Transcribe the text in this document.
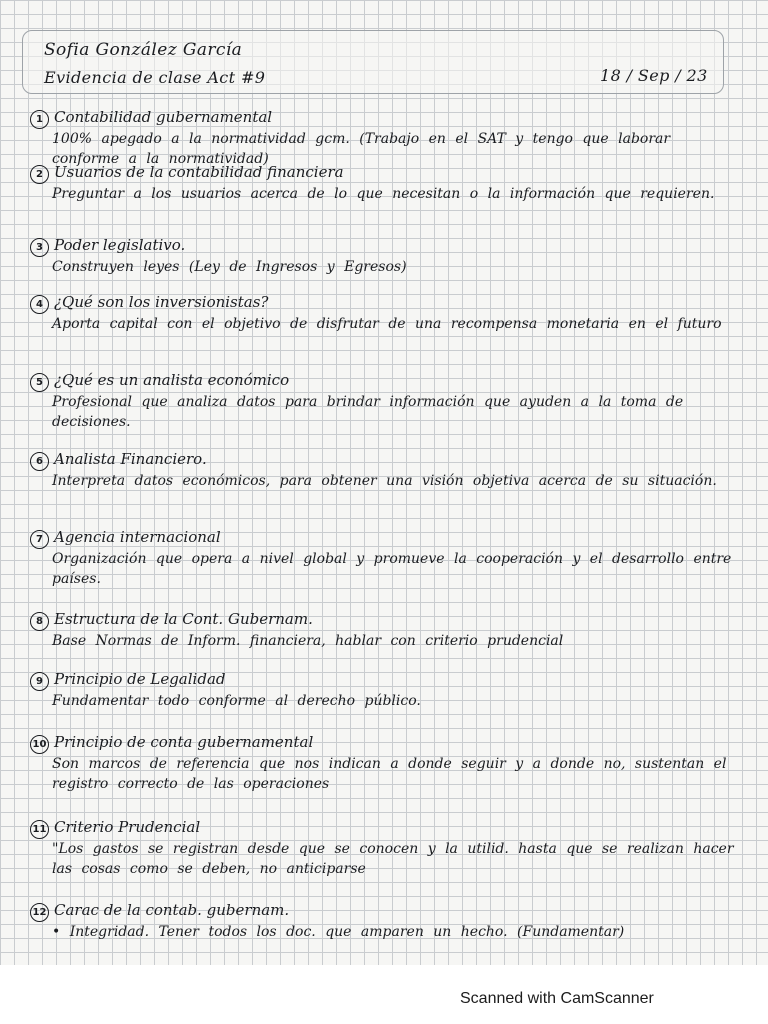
Sofia González García
Evidencia de clase Act #9	18 / Sep / 23
1 Contabilidad gubernamental
100% apegado a la normatividad gcm. (Trabajo en el SAT y tengo que laborar conforme a la normatividad)
2 Usuarios de la contabilidad financiera
Preguntar a los usuarios acerca de lo que necesitan o la información que requieren.
3 Poder legislativo.
Construyen leyes (Ley de Ingresos y Egresos)
4 ¿Qué son los inversionistas?
Aporta capital con el objetivo de disfrutar de una recompensa monetaria en el futuro
5 ¿Qué es un analista económico
Profesional que analiza datos para brindar información que ayuden a la toma de decisiones.
6 Analista Financiero.
Interpreta datos económicos, para obtener una visión objetiva acerca de su situación.
7 Agencia internacional
Organización que opera a nivel global y promueve la cooperación y el desarrollo entre países.
8 Estructura de la Cont. Gubernam.
Base Normas de Inform. financiera, hablar con criterio prudencial
9 Principio de Legalidad
Fundamentar todo conforme al derecho público.
10 Principio de conta gubernamental
Son marcos de referencia que nos indican a donde seguir y a donde no, sustentan el registro correcto de las operaciones
11 Criterio Prudencial
"Los gastos se registran desde que se conocen y la utilid. hasta que se realizan hacer las cosas como se deben, no anticiparse
12 Carac de la contab. gubernam.
• Integridad. Tener todos los doc. que amparen un hecho. (Fundamentar)
Scanned with CamScanner
